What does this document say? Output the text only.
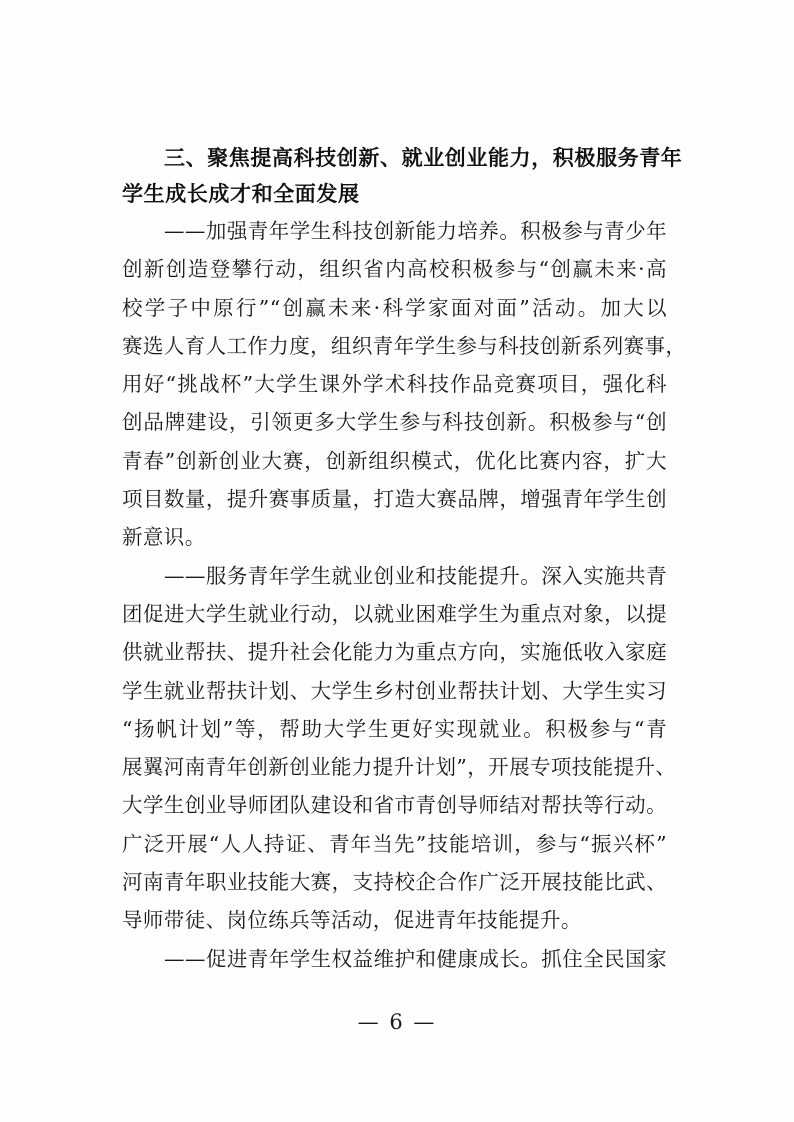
三、聚焦提高科技创新、就业创业能力，积极服务青年
学生成长成才和全面发展
——加强青年学生科技创新能力培养。积极参与青少年
创新创造登攀行动，组织省内高校积极参与“创赢未来·高
校学子中原行”“创赢未来·科学家面对面”活动。加大以
赛选人育人工作力度，组织青年学生参与科技创新系列赛事，
用好“挑战杯”大学生课外学术科技作品竞赛项目，强化科
创品牌建设，引领更多大学生参与科技创新。积极参与“创
青春”创新创业大赛，创新组织模式，优化比赛内容，扩大
项目数量，提升赛事质量，打造大赛品牌，增强青年学生创
新意识。
——服务青年学生就业创业和技能提升。深入实施共青
团促进大学生就业行动，以就业困难学生为重点对象，以提
供就业帮扶、提升社会化能力为重点方向，实施低收入家庭
学生就业帮扶计划、大学生乡村创业帮扶计划、大学生实习
“扬帆计划”等，帮助大学生更好实现就业。积极参与“青
展翼河南青年创新创业能力提升计划”，开展专项技能提升、
大学生创业导师团队建设和省市青创导师结对帮扶等行动。
广泛开展“人人持证、青年当先”技能培训，参与“振兴杯”
河南青年职业技能大赛，支持校企合作广泛开展技能比武、
导师带徒、岗位练兵等活动，促进青年技能提升。
——促进青年学生权益维护和健康成长。抓住全民国家
— 6 —
